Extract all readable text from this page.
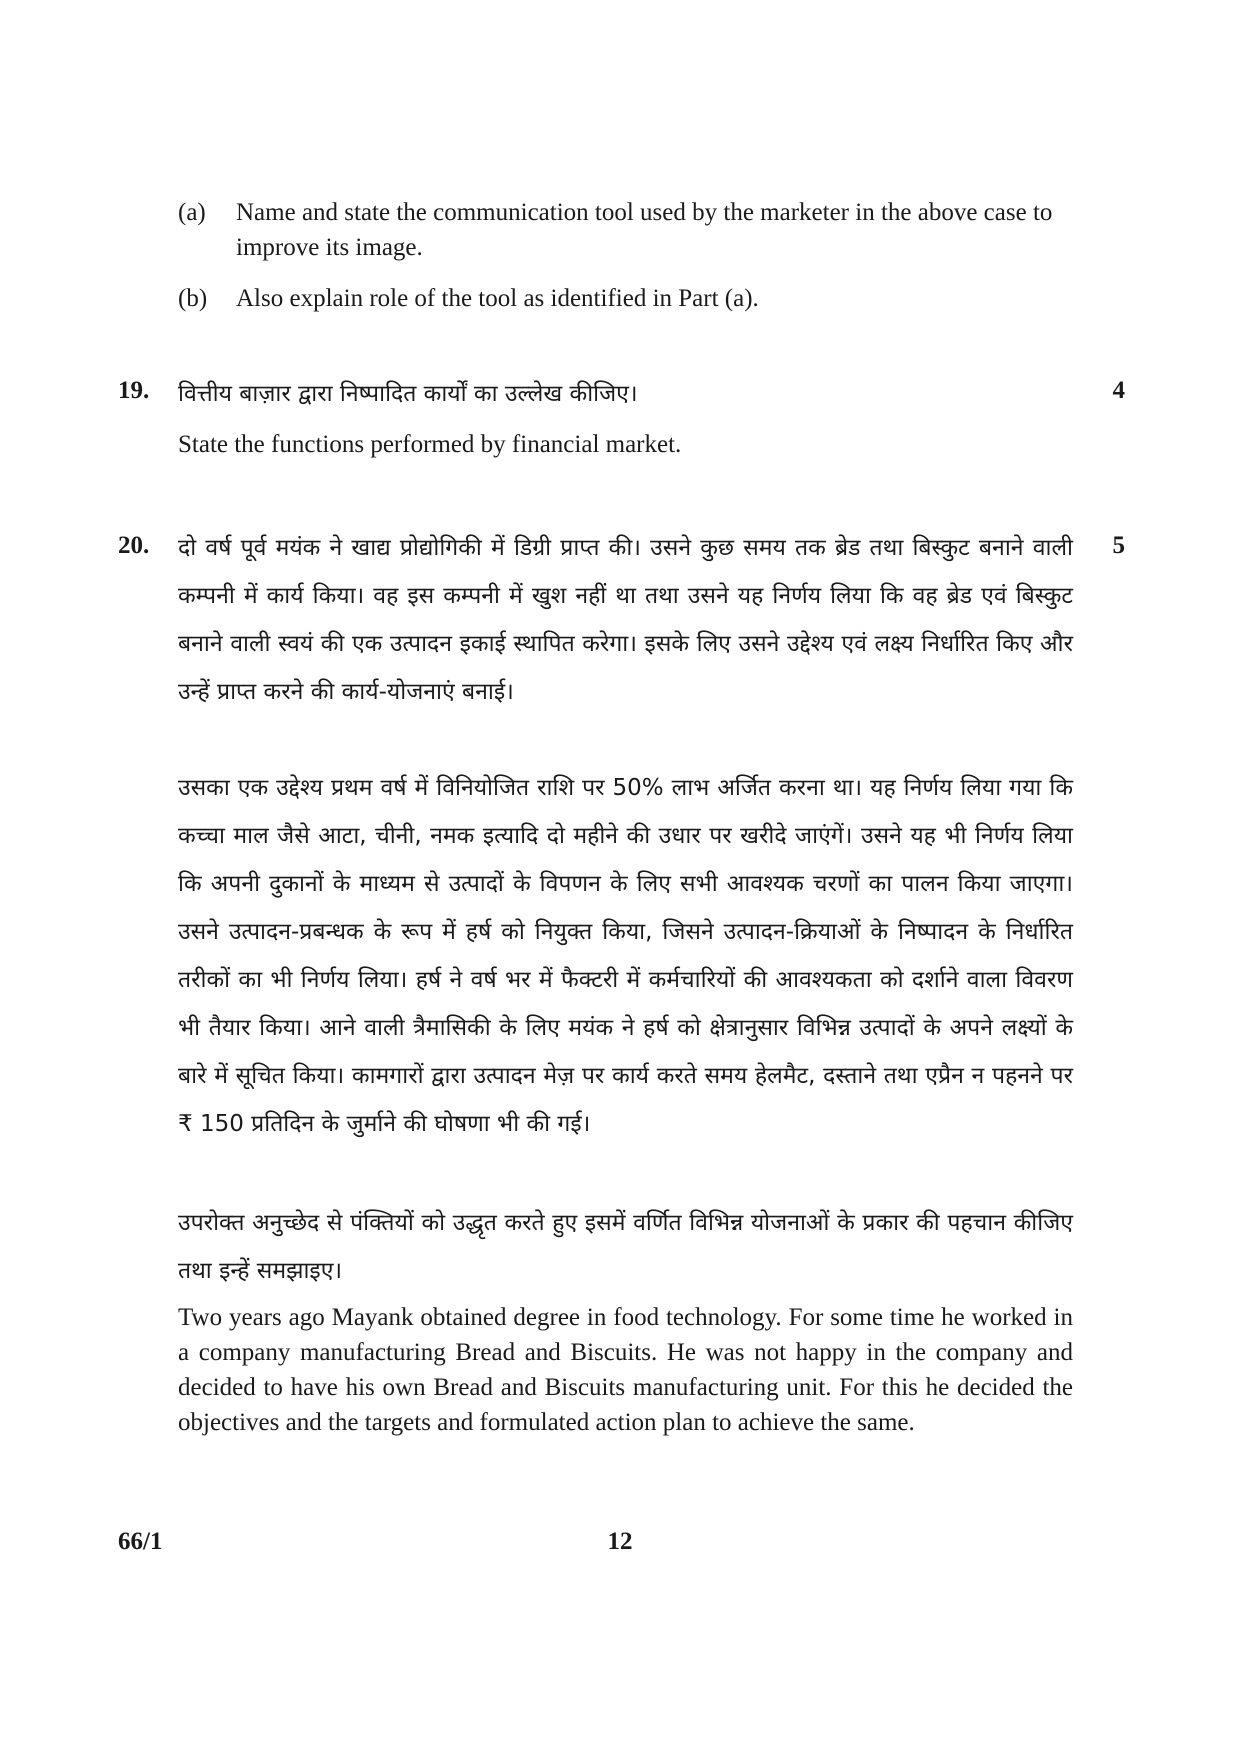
(a) Name and state the communication tool used by the marketer in the above case to improve its image.
(b) Also explain role of the tool as identified in Part (a).
19.	4

वित्तीय बाज़ार द्वारा निष्पादित कार्यों का उल्लेख कीजिए।

State the functions performed by financial market.

20.	5

दो वर्ष पूर्व मयंक ने खाद्य प्रोद्योगिकी में डिग्री प्राप्त की। उसने कुछ समय तक ब्रेड तथा बिस्कुट बनाने वाली कम्पनी में कार्य किया। वह इस कम्पनी में खुश नहीं था तथा उसने यह निर्णय लिया कि वह ब्रेड एवं बिस्कुट बनाने वाली स्वयं की एक उत्पादन इकाई स्थापित करेगा। इसके लिए उसने उद्देश्य एवं लक्ष्य निर्धारित किए और उन्हें प्राप्त करने की कार्य-योजनाएं बनाई।

उसका एक उद्देश्य प्रथम वर्ष में विनियोजित राशि पर 50% लाभ अर्जित करना था। यह निर्णय लिया गया कि कच्चा माल जैसे आटा, चीनी, नमक इत्यादि दो महीने की उधार पर खरीदे जाएंगें। उसने यह भी निर्णय लिया कि अपनी दुकानों के माध्यम से उत्पादों के विपणन के लिए सभी आवश्यक चरणों का पालन किया जाएगा। उसने उत्पादन-प्रबन्धक के रूप में हर्ष को नियुक्त किया, जिसने उत्पादन-क्रियाओं के निष्पादन के निर्धारित तरीकों का भी निर्णय लिया। हर्ष ने वर्ष भर में फैक्टरी में कर्मचारियों की आवश्यकता को दर्शाने वाला विवरण भी तैयार किया। आने वाली त्रैमासिकी के लिए मयंक ने हर्ष को क्षेत्रानुसार विभिन्न उत्पादों के अपने लक्ष्यों के बारे में सूचित किया। कामगारों द्वारा उत्पादन मेज़ पर कार्य करते समय हेलमैट, दस्ताने तथा एप्रैन न पहनने पर ₹ 150 प्रतिदिन के जुर्माने की घोषणा भी की गई।

उपरोक्त अनुच्छेद से पंक्तियों को उद्धृत करते हुए इसमें वर्णित विभिन्न योजनाओं के प्रकार की पहचान कीजिए तथा इन्हें समझाइए।

Two years ago Mayank obtained degree in food technology. For some time he worked in a company manufacturing Bread and Biscuits. He was not happy in the company and decided to have his own Bread and Biscuits manufacturing unit. For this he decided the objectives and the targets and formulated action plan to achieve the same.

66/1	12
